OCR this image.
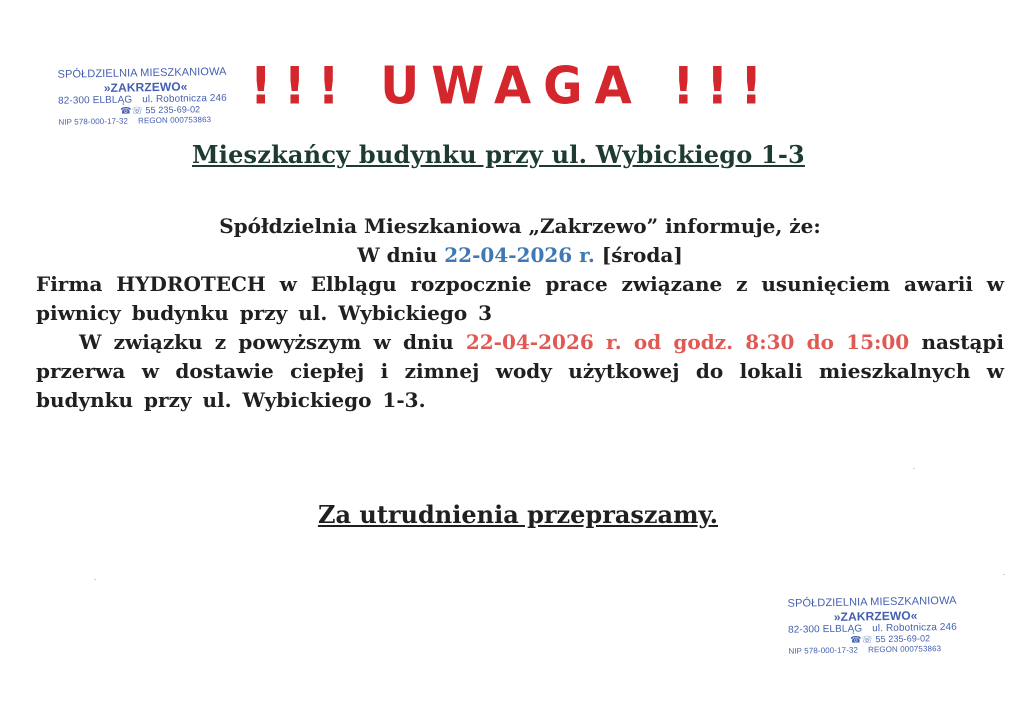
SPÓŁDZIELNIA MIESZKANIOWA
»ZAKRZEWO«
82-300 ELBLĄG ul. Robotnicza 246
☎☏ 55 235-69-02
NIP 578-000-17-32 REGON 000753863
!!! UWAGA !!!
Mieszkańcy budynku przy ul. Wybickiego 1-3
Spółdzielnia Mieszkaniowa „Zakrzewo” informuje, że:
W dniu 22-04-2026 r. [środa]
Firma HYDROTECH w Elblągu rozpocznie prace związane z usunięciem awarii w piwnicy budynku przy ul. Wybickiego 3
W związku z powyższym w dniu 22-04-2026 r. od godz. 8:30 do 15:00 nastąpi przerwa w dostawie ciepłej i zimnej wody użytkowej do lokali mieszkalnych w budynku przy ul. Wybickiego 1-3.
Za utrudnienia przepraszamy.
SPÓŁDZIELNIA MIESZKANIOWA
»ZAKRZEWO«
82-300 ELBLĄG ul. Robotnicza 246
☎☏ 55 235-69-02
NIP 578-000-17-32 REGON 000753863
